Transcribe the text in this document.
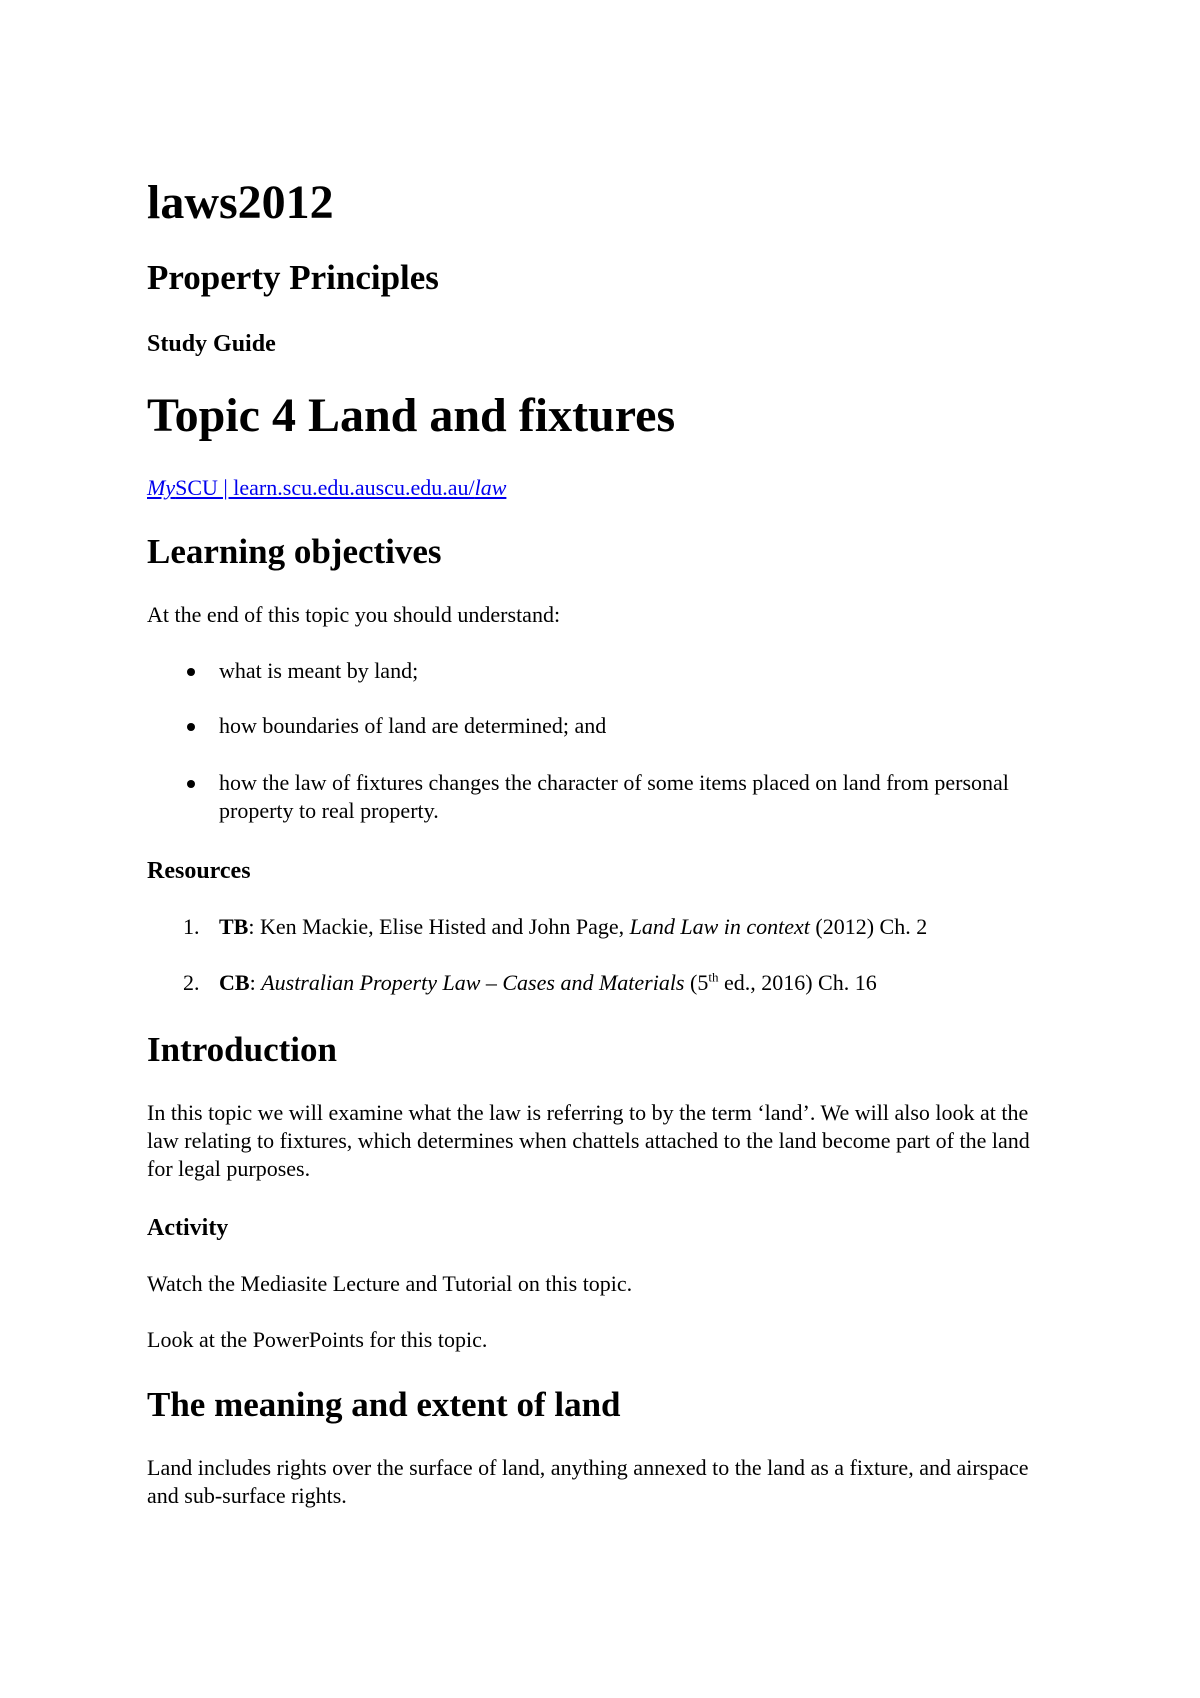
laws2012
Property Principles
Study Guide
Topic 4 Land and fixtures
MySCU | learn.scu.edu.auscu.edu.au/law
Learning objectives

At the end of this topic you should understand:

what is meant by land;
how boundaries of land are determined; and
how the law of fixtures changes the character of some items placed on land from personal property to real property.
Resources
1. TB: Ken Mackie, Elise Histed and John Page, Land Law in context (2012) Ch. 2
2. CB: Australian Property Law – Cases and Materials (5th ed., 2016) Ch. 16
Introduction

In this topic we will examine what the law is referring to by the term ‘land’. We will also look at the law relating to fixtures, which determines when chattels attached to the land become part of the land for legal purposes.

Activity

Watch the Mediasite Lecture and Tutorial on this topic.

Look at the PowerPoints for this topic.

The meaning and extent of land

Land includes rights over the surface of land, anything annexed to the land as a fixture, and airspace and sub-surface rights.
